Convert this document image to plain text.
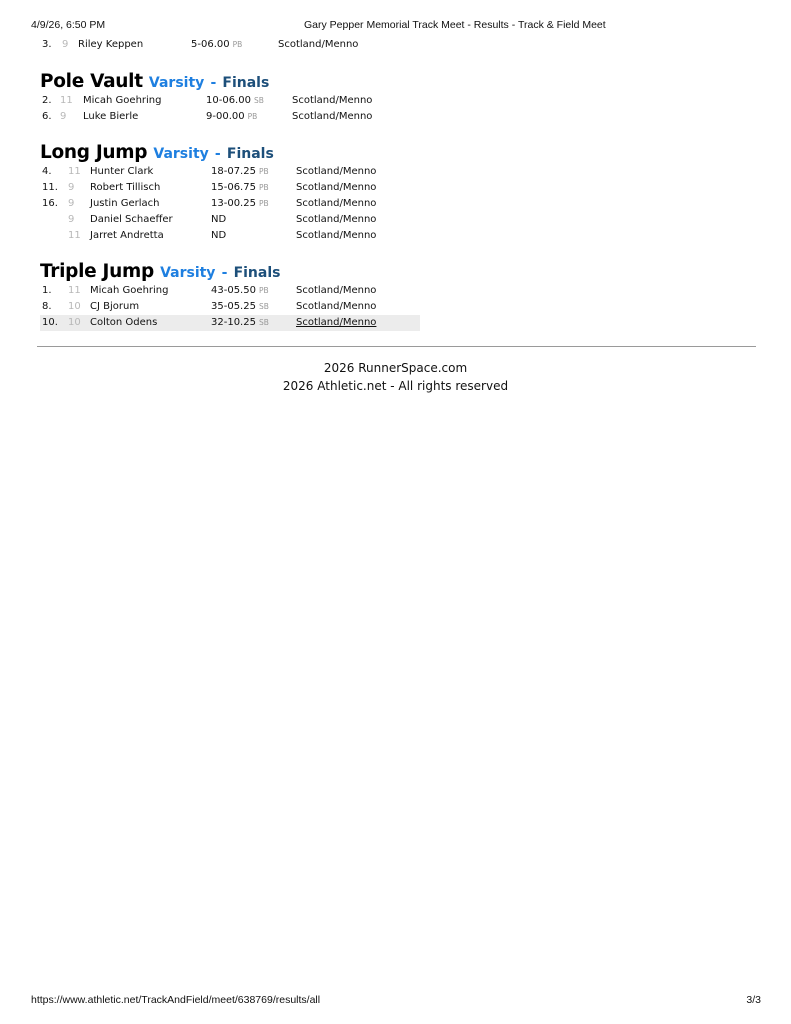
4/9/26, 6:50 PM	Gary Pepper Memorial Track Meet - Results - Track & Field Meet
3. 9 Riley Keppen	5-06.00 PB	Scotland/Menno
Pole Vault Varsity - Finals
2. 11 Micah Goehring	10-06.00 SB	Scotland/Menno
6. 9 Luke Bierle	9-00.00 PB	Scotland/Menno
Long Jump Varsity - Finals
4. 11 Hunter Clark	18-07.25 PB	Scotland/Menno
11. 9 Robert Tillisch	15-06.75 PB	Scotland/Menno
16. 9 Justin Gerlach	13-00.25 PB	Scotland/Menno
9 Daniel Schaeffer	ND	Scotland/Menno
11 Jarret Andretta	ND	Scotland/Menno
Triple Jump Varsity - Finals
1. 11 Micah Goehring	43-05.50 PB	Scotland/Menno
8. 10 CJ Bjorum	35-05.25 SB	Scotland/Menno
10. 10 Colton Odens	32-10.25 SB	Scotland/Menno
2026 RunnerSpace.com
2026 Athletic.net - All rights reserved
https://www.athletic.net/TrackAndField/meet/638769/results/all	3/3
